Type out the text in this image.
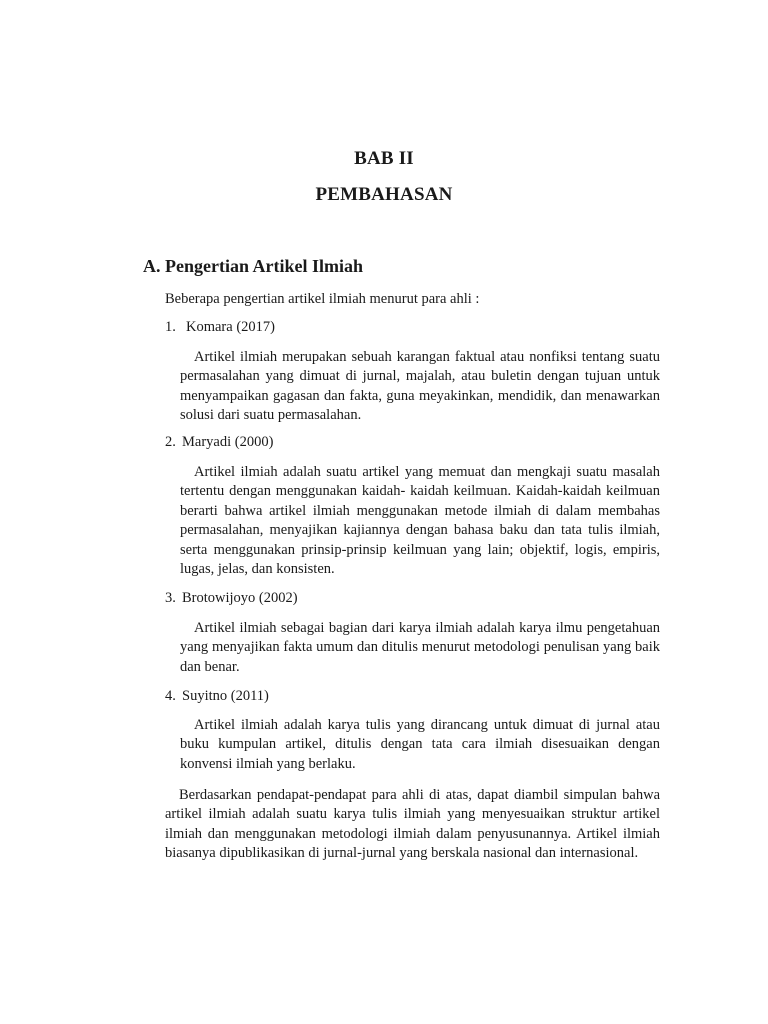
BAB II
PEMBAHASAN
A. Pengertian Artikel Ilmiah
Beberapa pengertian artikel ilmiah menurut para ahli :
1. Komara (2017)
Artikel ilmiah merupakan sebuah karangan faktual atau nonfiksi tentang suatu permasalahan yang dimuat di jurnal, majalah, atau buletin dengan tujuan untuk menyampaikan gagasan dan fakta, guna meyakinkan, mendidik, dan menawarkan solusi dari suatu permasalahan.
2. Maryadi (2000)
Artikel ilmiah adalah suatu artikel yang memuat dan mengkaji suatu masalah tertentu dengan menggunakan kaidah- kaidah keilmuan. Kaidah-kaidah keilmuan berarti bahwa artikel ilmiah menggunakan metode ilmiah di dalam membahas permasalahan, menyajikan kajiannya dengan bahasa baku dan tata tulis ilmiah, serta menggunakan prinsip-prinsip keilmuan yang lain; objektif, logis, empiris, lugas, jelas, dan konsisten.
3. Brotowijoyo (2002)
Artikel ilmiah sebagai bagian dari karya ilmiah adalah karya ilmu pengetahuan yang menyajikan fakta umum dan ditulis menurut metodologi penulisan yang baik dan benar.
4. Suyitno (2011)
Artikel ilmiah adalah karya tulis yang dirancang untuk dimuat di jurnal atau buku kumpulan artikel, ditulis dengan tata cara ilmiah disesuaikan dengan konvensi ilmiah yang berlaku.
Berdasarkan pendapat-pendapat para ahli di atas, dapat diambil simpulan bahwa artikel ilmiah adalah suatu karya tulis ilmiah yang menyesuaikan struktur artikel ilmiah dan menggunakan metodologi ilmiah dalam penyusunannya. Artikel ilmiah biasanya dipublikasikan di jurnal-jurnal yang berskala nasional dan internasional.
